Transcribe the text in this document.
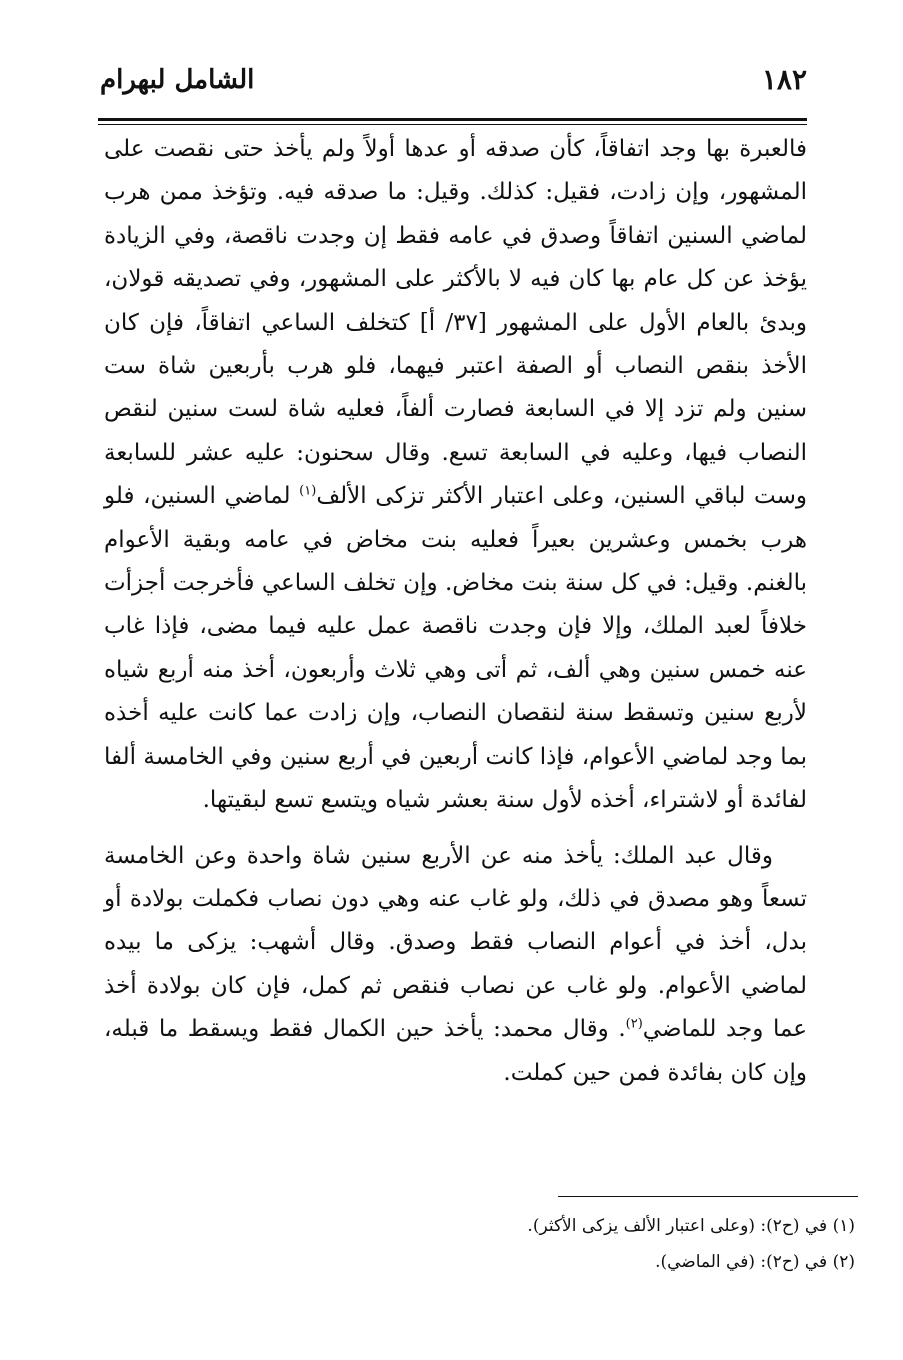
١٨٢
الشامل لبهرام

فالعبرة بها وجد اتفاقاً، كأن صدقه أو عدها أولاً ولم يأخذ حتى نقصت على المشهور، وإن زادت، فقيل: كذلك. وقيل: ما صدقه فيه. وتؤخذ ممن هرب لماضي السنين اتفاقاً وصدق في عامه فقط إن وجدت ناقصة، وفي الزيادة يؤخذ عن كل عام بها كان فيه لا بالأكثر على المشهور، وفي تصديقه قولان، وبدئ بالعام الأول على المشهور [٣٧/ أ] كتخلف الساعي اتفاقاً، فإن كان الأخذ بنقص النصاب أو الصفة اعتبر فيهما، فلو هرب بأربعين شاة ست سنين ولم تزد إلا في السابعة فصارت ألفاً، فعليه شاة لست سنين لنقص النصاب فيها، وعليه في السابعة تسع. وقال سحنون: عليه عشر للسابعة وست لباقي السنين، وعلى اعتبار الأكثر تزكى الألف$^{(١)}$ لماضي السنين، فلو هرب بخمس وعشرين بعيراً فعليه بنت مخاض في عامه وبقية الأعوام بالغنم. وقيل: في كل سنة بنت مخاض. وإن تخلف الساعي فأخرجت أجزأت خلافاً لعبد الملك، وإلا فإن وجدت ناقصة عمل عليه فيما مضى، فإذا غاب عنه خمس سنين وهي ألف، ثم أتى وهي ثلاث وأربعون، أخذ منه أربع شياه لأربع سنين وتسقط سنة لنقصان النصاب، وإن زادت عما كانت عليه أخذه بما وجد لماضي الأعوام، فإذا كانت أربعين في أربع سنين وفي الخامسة ألفا لفائدة أو لاشتراء، أخذه لأول سنة بعشر شياه ويتسع تسع لبقيتها.

وقال عبد الملك: يأخذ منه عن الأربع سنين شاة واحدة وعن الخامسة تسعاً وهو مصدق في ذلك، ولو غاب عنه وهي دون نصاب فكملت بولادة أو بدل، أخذ في أعوام النصاب فقط وصدق. وقال أشهب: يزكى ما بيده لماضي الأعوام. ولو غاب عن نصاب فنقص ثم كمل، فإن كان بولادة أخذ عما وجد للماضي$^{(٢)}$. وقال محمد: يأخذ حين الكمال فقط ويسقط ما قبله، وإن كان بفائدة فمن حين كملت.

(١) في (ح٢): (وعلى اعتبار الألف يزكى الأكثر).
(٢) في (ح٢): (في الماضي).
